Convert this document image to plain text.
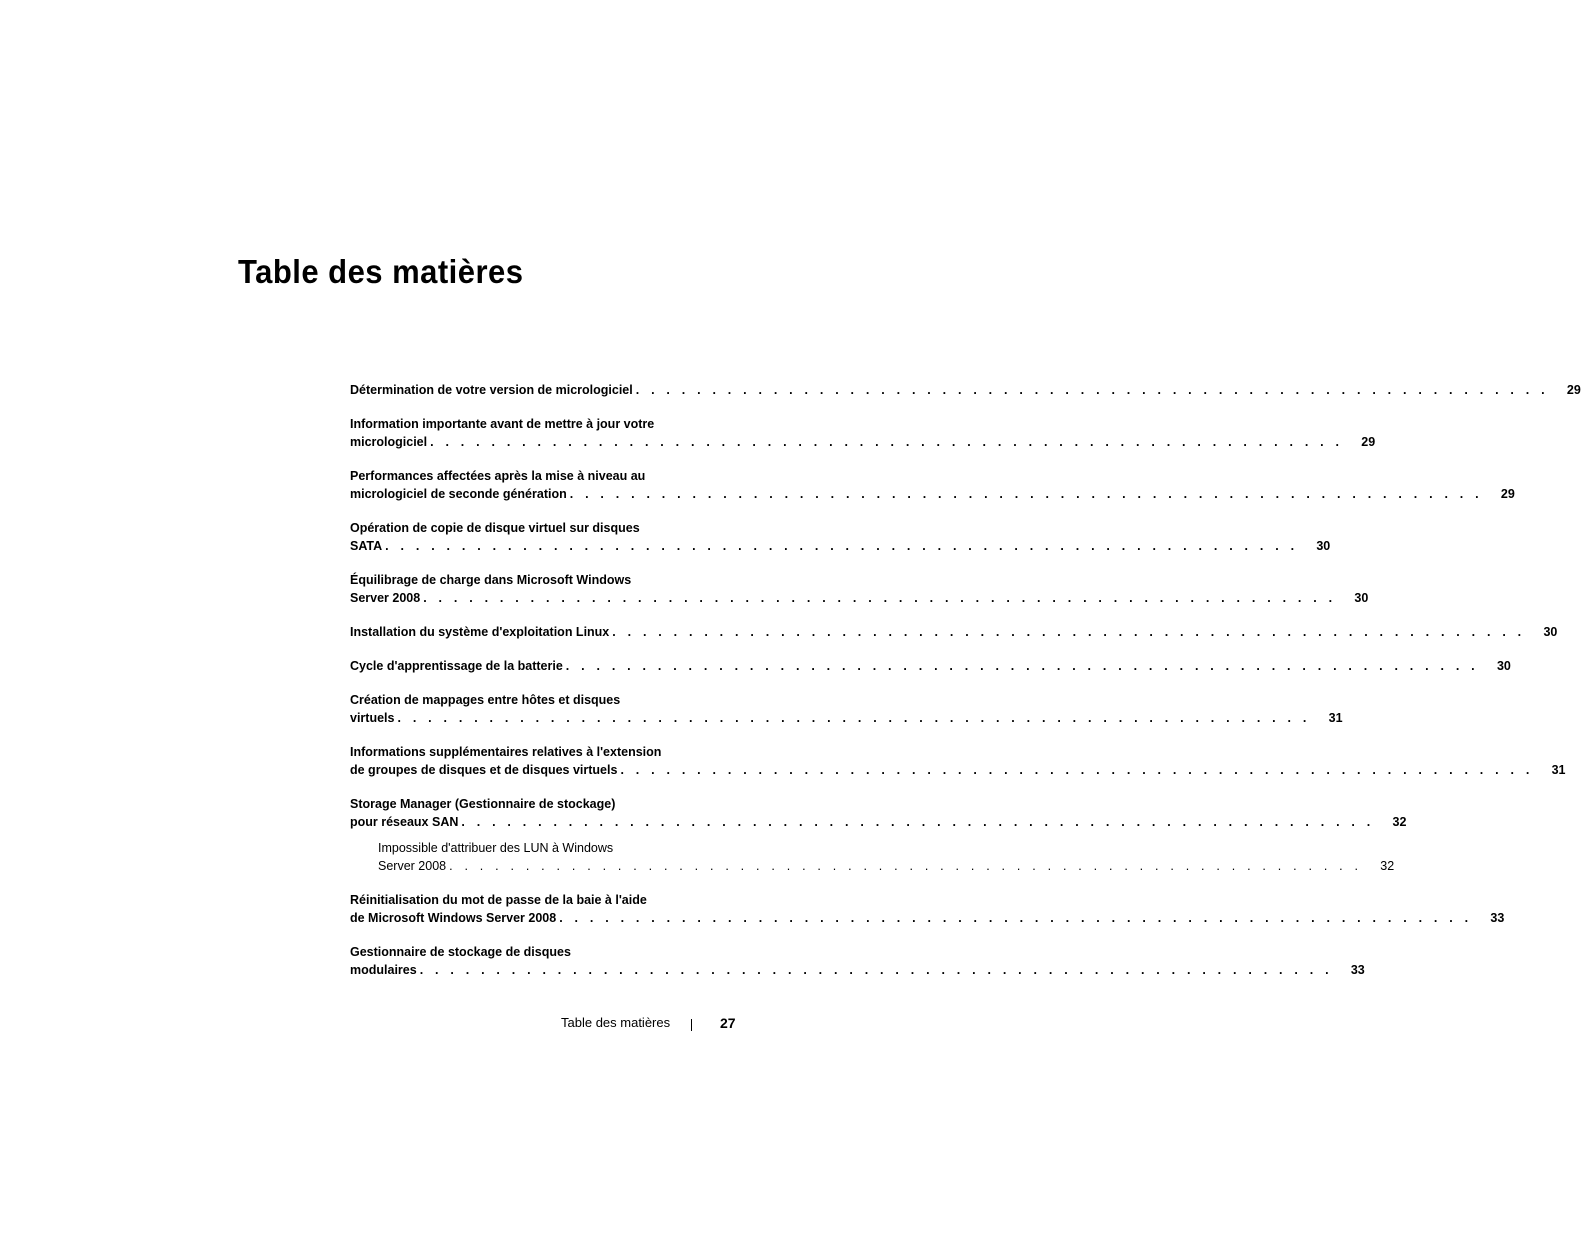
Table des matières
Détermination de votre version de micrologiciel . . . . . . . . . . . . . . . . . . . . . . . . . . . . . . . . . . . . . . . . . . . . . . . . . . . . . . . . . . . .	29
Information importante avant de mettre à jour votre
micrologiciel . . . . . . . . . . . . . . . . . . . . . . . . . . . . . . . . . . . . . . . . . . . . . . . . . . . . . . . . . . . .	29
Performances affectées après la mise à niveau au
micrologiciel de seconde génération . . . . . . . . . . . . . . . . . . . . . . . . . . . . . . . . . . . . . . . . . . . . . . . . . . . . . . . . . . . .	29
Opération de copie de disque virtuel sur disques
SATA . . . . . . . . . . . . . . . . . . . . . . . . . . . . . . . . . . . . . . . . . . . . . . . . . . . . . . . . . . . .	30
Équilibrage de charge dans Microsoft Windows
Server 2008 . . . . . . . . . . . . . . . . . . . . . . . . . . . . . . . . . . . . . . . . . . . . . . . . . . . . . . . . . . . .	30
Installation du système d'exploitation Linux . . . . . . . . . . . . . . . . . . . . . . . . . . . . . . . . . . . . . . . . . . . . . . . . . . . . . . . . . . . .	30
Cycle d'apprentissage de la batterie . . . . . . . . . . . . . . . . . . . . . . . . . . . . . . . . . . . . . . . . . . . . . . . . . . . . . . . . . . . .	30
Création de mappages entre hôtes et disques
virtuels . . . . . . . . . . . . . . . . . . . . . . . . . . . . . . . . . . . . . . . . . . . . . . . . . . . . . . . . . . . .	31
Informations supplémentaires relatives à l'extension
de groupes de disques et de disques virtuels . . . . . . . . . . . . . . . . . . . . . . . . . . . . . . . . . . . . . . . . . . . . . . . . . . . . . . . . . . . .	31
Storage Manager (Gestionnaire de stockage)
pour réseaux SAN . . . . . . . . . . . . . . . . . . . . . . . . . . . . . . . . . . . . . . . . . . . . . . . . . . . . . . . . . . . .	32
Impossible d'attribuer des LUN à Windows
Server 2008 . . . . . . . . . . . . . . . . . . . . . . . . . . . . . . . . . . . . . . . . . . . . . . . . . . . . . . . . . . . .	32
Réinitialisation du mot de passe de la baie à l'aide
de Microsoft Windows Server 2008 . . . . . . . . . . . . . . . . . . . . . . . . . . . . . . . . . . . . . . . . . . . . . . . . . . . . . . . . . . . .	33
Gestionnaire de stockage de disques
modulaires . . . . . . . . . . . . . . . . . . . . . . . . . . . . . . . . . . . . . . . . . . . . . . . . . . . . . . . . . . . .	33
Table des matières	27
